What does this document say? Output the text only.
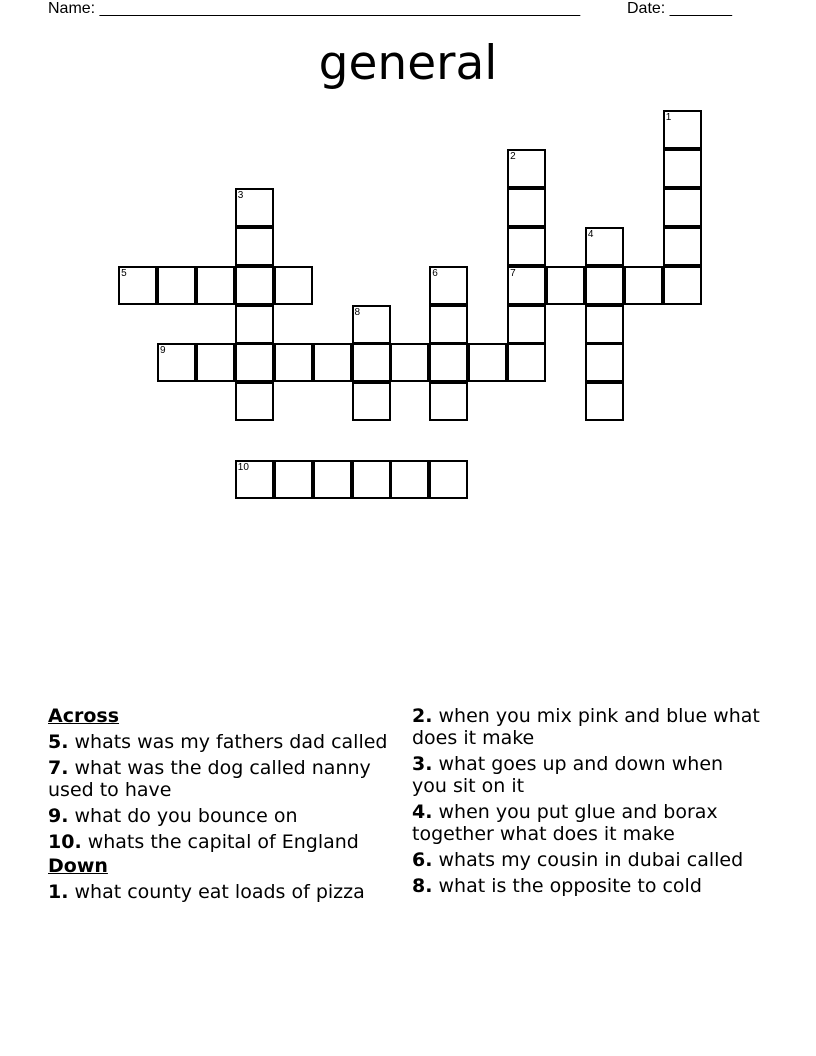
Name: ______________________________________________________	Date: _______
general
1
2
7
3
4
5	6
8
9
10
Across
5. whats was my fathers dad called
7. what was the dog called nanny used to have
9. what do you bounce on
10. whats the capital of England
Down
1. what county eat loads of pizza
2. when you mix pink and blue what does it make
3. what goes up and down when you sit on it
4. when you put glue and borax together what does it make
6. whats my cousin in dubai called
8. what is the opposite to cold
